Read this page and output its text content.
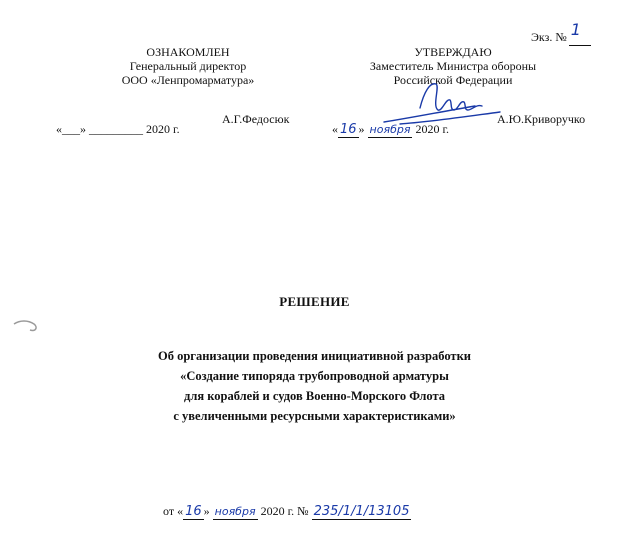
Экз. № 1
ОЗНАКОМЛЕН
Генеральный директор
ООО «Ленпромарматура»
А.Г.Федосюк
«___» _________ 2020 г.
УТВЕРЖДАЮ
Заместитель Министра обороны
Российской Федерации
А.Ю.Криворучко
« 16 » ноября 2020 г.
РЕШЕНИЕ
Об организации проведения инициативной разработки
«Создание типоряда трубопроводной арматуры
для кораблей и судов Военно-Морского Флота
с увеличенными ресурсными характеристиками»
от « 16 » ноября 2020 г. № 235/1/1/13105
